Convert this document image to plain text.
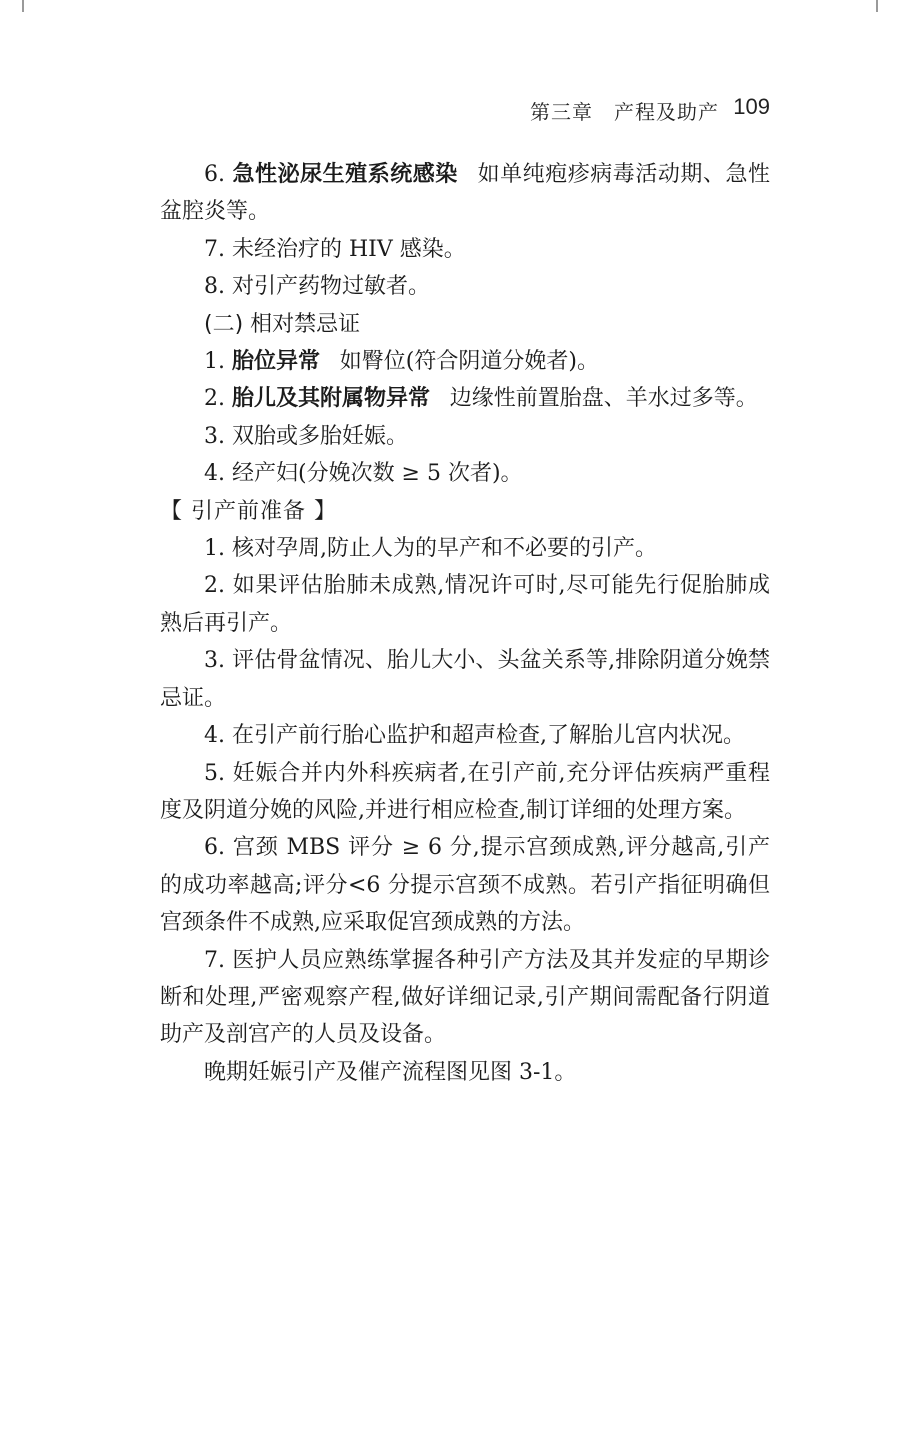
第三章　产程及助产 109

6. 急性泌尿生殖系统感染 如单纯疱疹病毒活动期、急性盆腔炎等。

7. 未经治疗的 HIV 感染。

8. 对引产药物过敏者。

(二) 相对禁忌证

1. 胎位异常 如臀位(符合阴道分娩者)。

2. 胎儿及其附属物异常 边缘性前置胎盘、羊水过多等。

3. 双胎或多胎妊娠。

4. 经产妇(分娩次数 ≥ 5 次者)。

【 引产前准备 】

1. 核对孕周,防止人为的早产和不必要的引产。

2. 如果评估胎肺未成熟,情况许可时,尽可能先行促胎肺成熟后再引产。

3. 评估骨盆情况、胎儿大小、头盆关系等,排除阴道分娩禁忌证。

4. 在引产前行胎心监护和超声检查,了解胎儿宫内状况。

5. 妊娠合并内外科疾病者,在引产前,充分评估疾病严重程度及阴道分娩的风险,并进行相应检查,制订详细的处理方案。

6. 宫颈 MBS 评分 ≥ 6 分,提示宫颈成熟,评分越高,引产的成功率越高;评分<6 分提示宫颈不成熟。若引产指征明确但宫颈条件不成熟,应采取促宫颈成熟的方法。

7. 医护人员应熟练掌握各种引产方法及其并发症的早期诊断和处理,严密观察产程,做好详细记录,引产期间需配备行阴道助产及剖宫产的人员及设备。

晚期妊娠引产及催产流程图见图 3-1。
